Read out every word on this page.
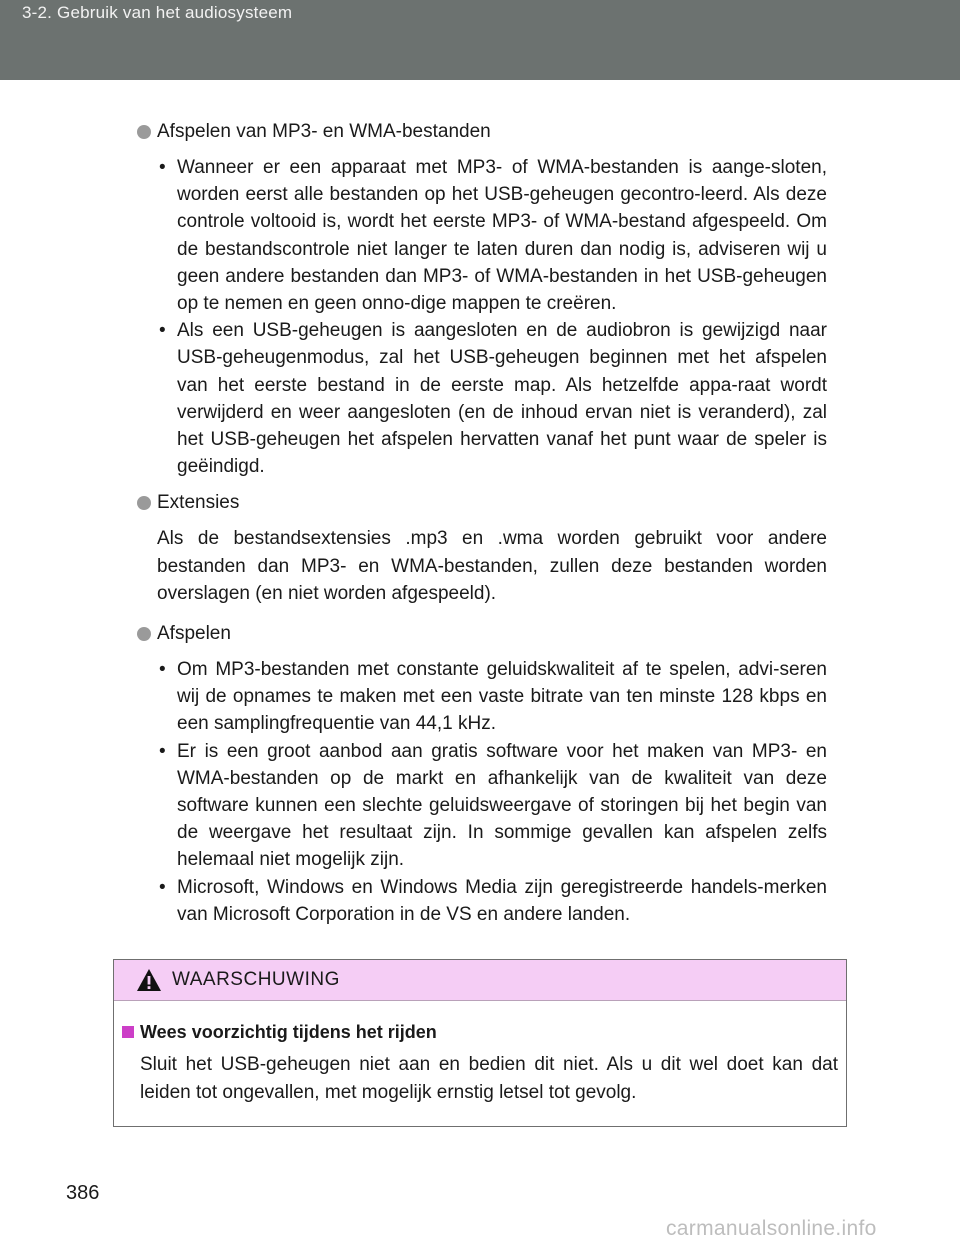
3-2. Gebruik van het audiosysteem
Afspelen van MP3- en WMA-bestanden
• Wanneer er een apparaat met MP3- of WMA-bestanden is aange-sloten, worden eerst alle bestanden op het USB-geheugen gecontro-leerd. Als deze controle voltooid is, wordt het eerste MP3- of WMA-bestand afgespeeld. Om de bestandscontrole niet langer te laten duren dan nodig is, adviseren wij u geen andere bestanden dan MP3- of WMA-bestanden in het USB-geheugen op te nemen en geen onno-dige mappen te creëren.
• Als een USB-geheugen is aangesloten en de audiobron is gewijzigd naar USB-geheugenmodus, zal het USB-geheugen beginnen met het afspelen van het eerste bestand in de eerste map. Als hetzelfde appa-raat wordt verwijderd en weer aangesloten (en de inhoud ervan niet is veranderd), zal het USB-geheugen het afspelen hervatten vanaf het punt waar de speler is geëindigd.
Extensies
Als de bestandsextensies .mp3 en .wma worden gebruikt voor andere bestanden dan MP3- en WMA-bestanden, zullen deze bestanden worden overslagen (en niet worden afgespeeld).
Afspelen
• Om MP3-bestanden met constante geluidskwaliteit af te spelen, advi-seren wij de opnames te maken met een vaste bitrate van ten minste 128 kbps en een samplingfrequentie van 44,1 kHz.
• Er is een groot aanbod aan gratis software voor het maken van MP3- en WMA-bestanden op de markt en afhankelijk van de kwaliteit van deze software kunnen een slechte geluidsweergave of storingen bij het begin van de weergave het resultaat zijn. In sommige gevallen kan afspelen zelfs helemaal niet mogelijk zijn.
• Microsoft, Windows en Windows Media zijn geregistreerde handels-merken van Microsoft Corporation in de VS en andere landen.
WAARSCHUWING
Wees voorzichtig tijdens het rijden
Sluit het USB-geheugen niet aan en bedien dit niet. Als u dit wel doet kan dat leiden tot ongevallen, met mogelijk ernstig letsel tot gevolg.
386
carmanualsonline.info
